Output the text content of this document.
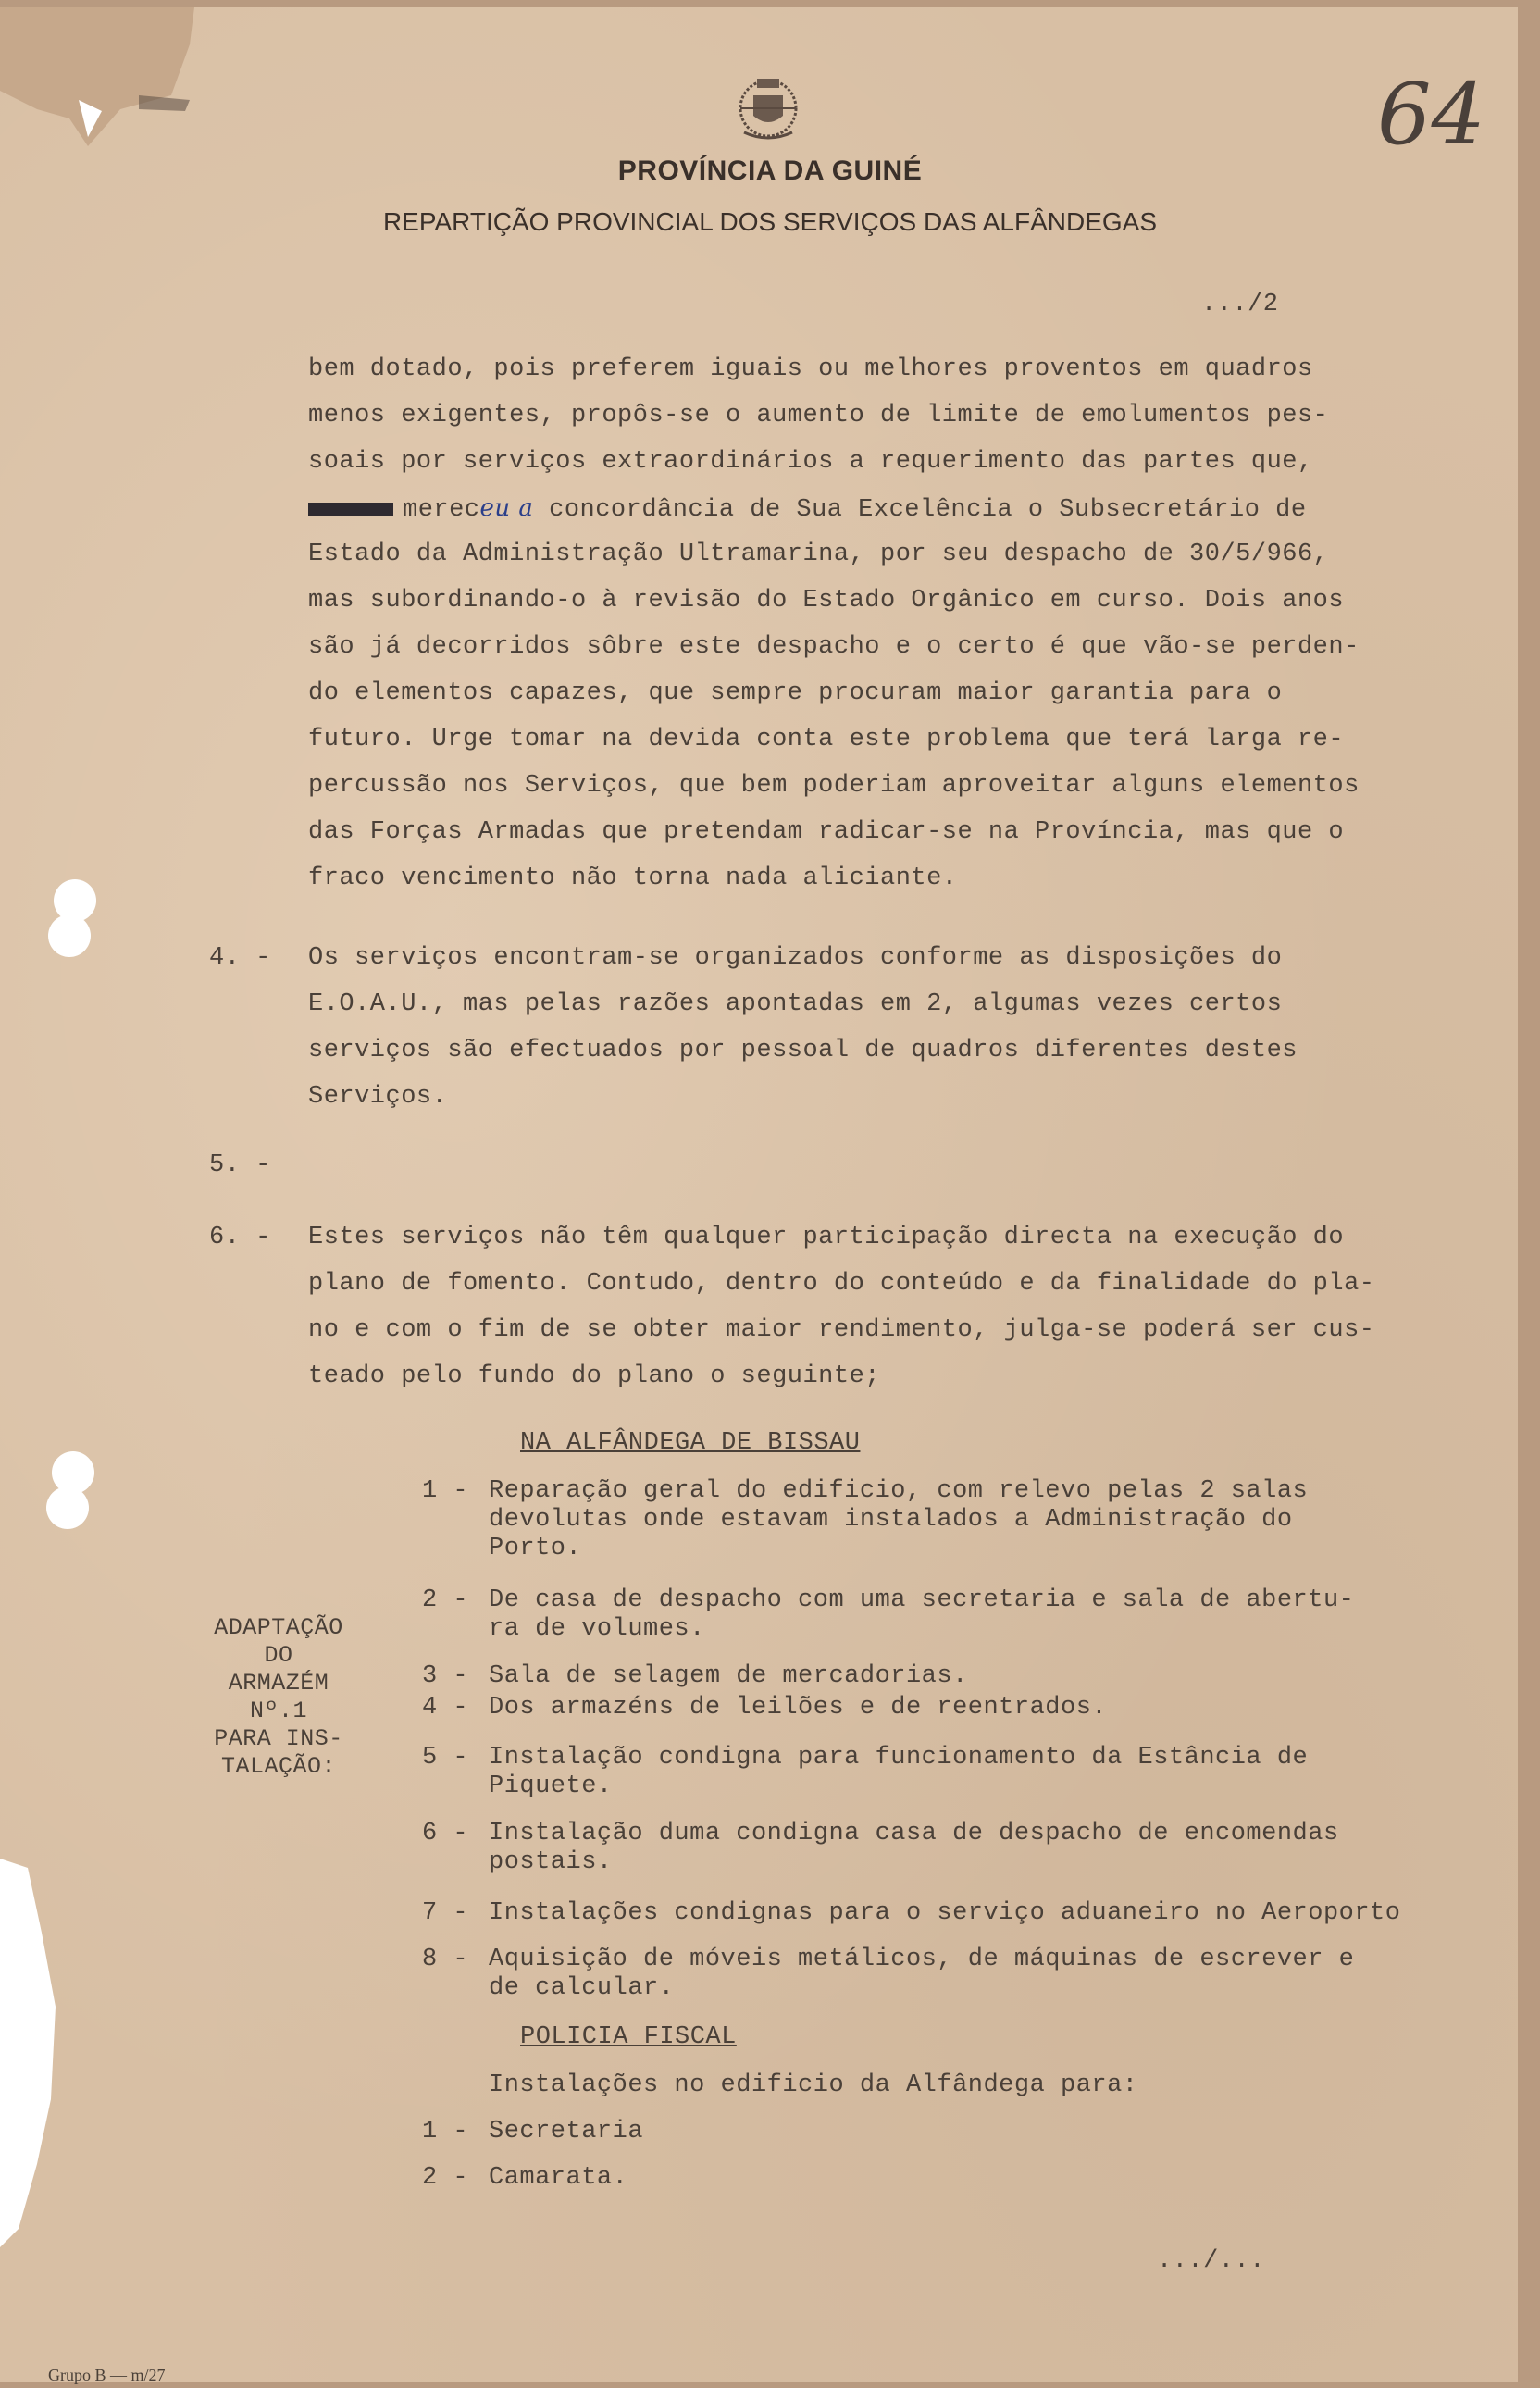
PROVÍNCIA DA GUINÉ
REPARTIÇÃO PROVINCIAL DOS SERVIÇOS DAS ALFÂNDEGAS
64
.../2
bem dotado, pois preferem iguais ou melhores proventos em quadros
menos exigentes, propôs-se o aumento de limite de emolumentos pes-
soais por serviços extraordinários a requerimento das partes que,
mereceu a concordância de Sua Excelência o Subsecretário de
Estado da Administração Ultramarina, por seu despacho de 30/5/966,
mas subordinando-o à revisão do Estado Orgânico em curso. Dois anos
são já decorridos sôbre este despacho e o certo é que vão-se perden-
do elementos capazes, que sempre procuram maior garantia para o
futuro. Urge tomar na devida conta este problema que terá larga re-
percussão nos Serviços, que bem poderiam aproveitar alguns elementos
das Forças Armadas que pretendam radicar-se na Província, mas que o
fraco vencimento não torna nada aliciante.
4. - Os serviços encontram-se organizados conforme as disposições do
E.O.A.U., mas pelas razões apontadas em 2, algumas vezes certos
serviços são efectuados por pessoal de quadros diferentes destes
Serviços.
5. -
6. - Estes serviços não têm qualquer participação directa na execução do
plano de fomento. Contudo, dentro do conteúdo e da finalidade do pla-
no e com o fim de se obter maior rendimento, julga-se poderá ser cus-
teado pelo fundo do plano o seguinte;
NA ALFÂNDEGA DE BISSAU
ADAPTAÇÃO
DO
ARMAZÉM
Nº.1
PARA INS-
TALAÇÃO:
1 - Reparação geral do edificio, com relevo pelas 2 salas
devolutas onde estavam instalados a Administração do
Porto.
2 - De casa de despacho com uma secretaria e sala de abertu-
ra de volumes.
3 - Sala de selagem de mercadorias.
4 - Dos armazéns de leilões e de reentrados.
5 - Instalação condigna para funcionamento da Estância de
Piquete.
6 - Instalação duma condigna casa de despacho de encomendas
postais.
7 - Instalações condignas para o serviço aduaneiro no Aeroporto
8 - Aquisição de móveis metálicos, de máquinas de escrever e
de calcular.
POLICIA FISCAL
Instalações no edificio da Alfândega para:
1 - Secretaria
2 - Camarata.
.../...
Grupo B — m/27
